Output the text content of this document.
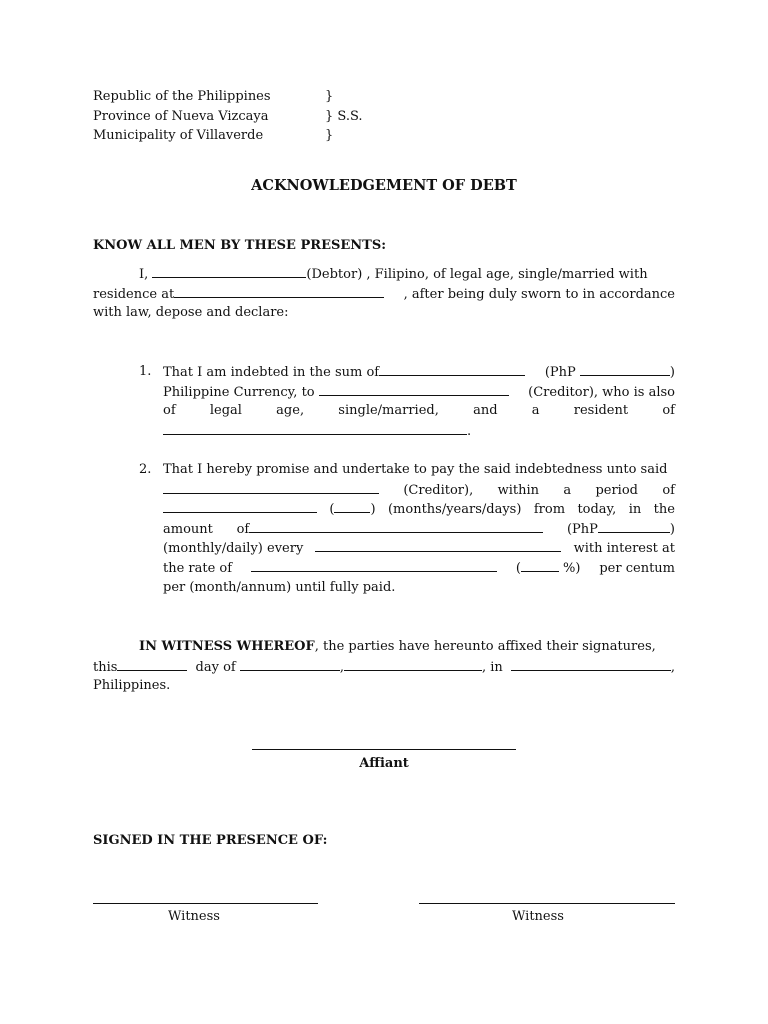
Republic of the Philippines	}
Province of Nueva Vizcaya	} S.S.
Municipality of Villaverde	}
ACKNOWLEDGEMENT OF DEBT
KNOW ALL MEN BY THESE PRESENTS:
I,	(Debtor) , Filipino, of legal age, single/married with
residence at	, after being duly sworn to in accordance
with law, depose and declare:
1. That I am indebted in the sum of	(PhP	)
Philippine Currency, to	(Creditor), who is also
of	legal	age,	single/married,	and	a	resident	of
.
2. That I hereby promise and undertake to pay the said indebtedness unto said
(Creditor), within a period of
(	) (months/years/days) from today, in the
amount of	(PhP	)
(monthly/daily) every	with interest at
the rate of	(	%) per centum
per (month/annum) until fully paid.
IN WITNESS WHEREOF, the parties have hereunto affixed their signatures,
this	day of	,	, in	,
Philippines.
Affiant
SIGNED IN THE PRESENCE OF:
Witness	Witness
